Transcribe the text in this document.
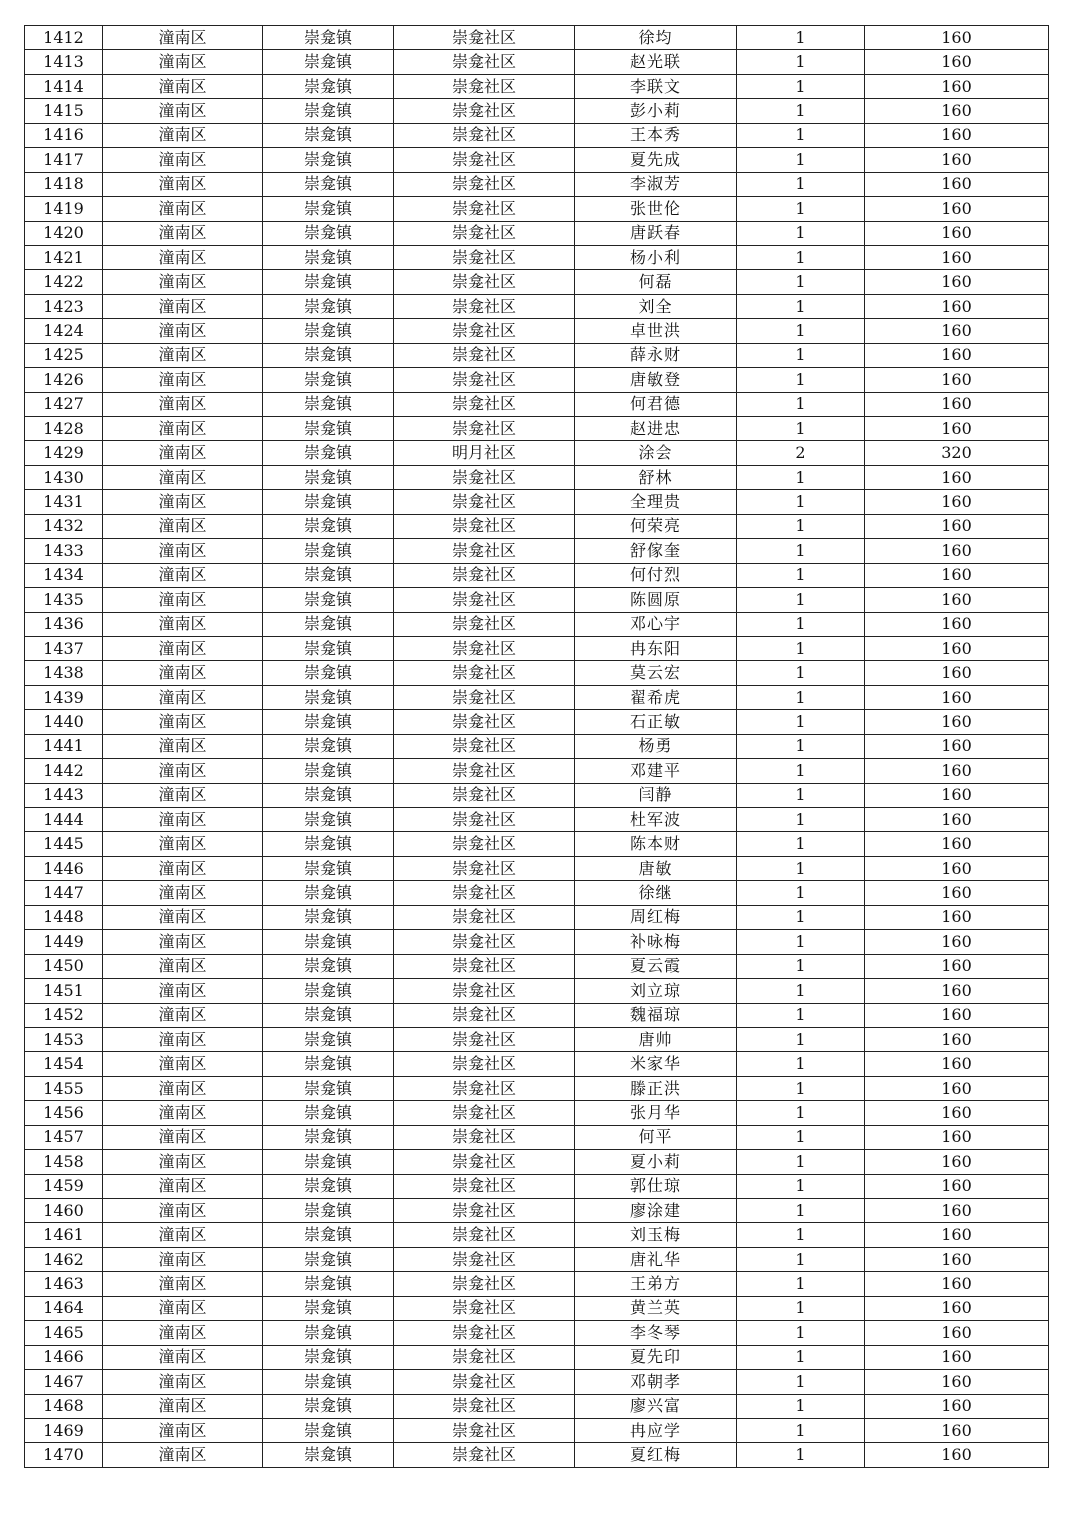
1412	潼南区	崇龛镇	崇龛社区	徐均	1	160
1413	潼南区	崇龛镇	崇龛社区	赵光联	1	160
1414	潼南区	崇龛镇	崇龛社区	李联文	1	160
1415	潼南区	崇龛镇	崇龛社区	彭小莉	1	160
1416	潼南区	崇龛镇	崇龛社区	王本秀	1	160
1417	潼南区	崇龛镇	崇龛社区	夏先成	1	160
1418	潼南区	崇龛镇	崇龛社区	李淑芳	1	160
1419	潼南区	崇龛镇	崇龛社区	张世伦	1	160
1420	潼南区	崇龛镇	崇龛社区	唐跃春	1	160
1421	潼南区	崇龛镇	崇龛社区	杨小利	1	160
1422	潼南区	崇龛镇	崇龛社区	何磊	1	160
1423	潼南区	崇龛镇	崇龛社区	刘全	1	160
1424	潼南区	崇龛镇	崇龛社区	卓世洪	1	160
1425	潼南区	崇龛镇	崇龛社区	薛永财	1	160
1426	潼南区	崇龛镇	崇龛社区	唐敏登	1	160
1427	潼南区	崇龛镇	崇龛社区	何君德	1	160
1428	潼南区	崇龛镇	崇龛社区	赵进忠	1	160
1429	潼南区	崇龛镇	明月社区	涂会	2	320
1430	潼南区	崇龛镇	崇龛社区	舒林	1	160
1431	潼南区	崇龛镇	崇龛社区	全理贵	1	160
1432	潼南区	崇龛镇	崇龛社区	何荣亮	1	160
1433	潼南区	崇龛镇	崇龛社区	舒傢奎	1	160
1434	潼南区	崇龛镇	崇龛社区	何付烈	1	160
1435	潼南区	崇龛镇	崇龛社区	陈圆原	1	160
1436	潼南区	崇龛镇	崇龛社区	邓心宇	1	160
1437	潼南区	崇龛镇	崇龛社区	冉东阳	1	160
1438	潼南区	崇龛镇	崇龛社区	莫云宏	1	160
1439	潼南区	崇龛镇	崇龛社区	翟希虎	1	160
1440	潼南区	崇龛镇	崇龛社区	石正敏	1	160
1441	潼南区	崇龛镇	崇龛社区	杨勇	1	160
1442	潼南区	崇龛镇	崇龛社区	邓建平	1	160
1443	潼南区	崇龛镇	崇龛社区	闫静	1	160
1444	潼南区	崇龛镇	崇龛社区	杜军波	1	160
1445	潼南区	崇龛镇	崇龛社区	陈本财	1	160
1446	潼南区	崇龛镇	崇龛社区	唐敏	1	160
1447	潼南区	崇龛镇	崇龛社区	徐继	1	160
1448	潼南区	崇龛镇	崇龛社区	周红梅	1	160
1449	潼南区	崇龛镇	崇龛社区	补咏梅	1	160
1450	潼南区	崇龛镇	崇龛社区	夏云霞	1	160
1451	潼南区	崇龛镇	崇龛社区	刘立琼	1	160
1452	潼南区	崇龛镇	崇龛社区	魏福琼	1	160
1453	潼南区	崇龛镇	崇龛社区	唐帅	1	160
1454	潼南区	崇龛镇	崇龛社区	米家华	1	160
1455	潼南区	崇龛镇	崇龛社区	滕正洪	1	160
1456	潼南区	崇龛镇	崇龛社区	张月华	1	160
1457	潼南区	崇龛镇	崇龛社区	何平	1	160
1458	潼南区	崇龛镇	崇龛社区	夏小莉	1	160
1459	潼南区	崇龛镇	崇龛社区	郭仕琼	1	160
1460	潼南区	崇龛镇	崇龛社区	廖涂建	1	160
1461	潼南区	崇龛镇	崇龛社区	刘玉梅	1	160
1462	潼南区	崇龛镇	崇龛社区	唐礼华	1	160
1463	潼南区	崇龛镇	崇龛社区	王弟方	1	160
1464	潼南区	崇龛镇	崇龛社区	黄兰英	1	160
1465	潼南区	崇龛镇	崇龛社区	李冬琴	1	160
1466	潼南区	崇龛镇	崇龛社区	夏先印	1	160
1467	潼南区	崇龛镇	崇龛社区	邓朝孝	1	160
1468	潼南区	崇龛镇	崇龛社区	廖兴富	1	160
1469	潼南区	崇龛镇	崇龛社区	冉应学	1	160
1470	潼南区	崇龛镇	崇龛社区	夏红梅	1	160
